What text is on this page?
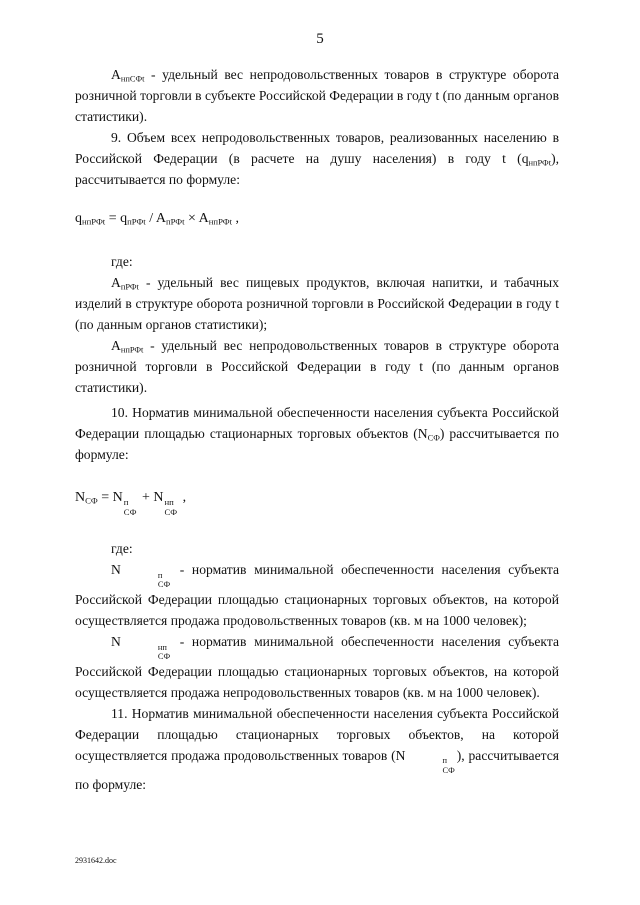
5

$A_{нпСФt}$ - удельный вес непродовольственных товаров в структуре оборота розничной торговли в субъекте Российской Федерации в году t (по данным органов статистики).

9. Объем всех непродовольственных товаров, реализованных населению в Российской Федерации (в расчете на душу населения) в году t $(q_{нпРФt})$, рассчитывается по формуле:

$q_{нпРФt} = q_{пРФt} / A_{пРФt} \times A_{нпРФt}$ ,

где:

$A_{пРФt}$ - удельный вес пищевых продуктов, включая напитки, и табачных изделий в структуре оборота розничной торговли в Российской Федерации в году t (по данным органов статистики);

$A_{нпРФt}$ - удельный вес непродовольственных товаров в структуре оборота розничной торговли в Российской Федерации в году t (по данным органов статистики).

10. Норматив минимальной обеспеченности населения субъекта Российской Федерации площадью стационарных торговых объектов $(N_{СФ})$ рассчитывается по формуле:

$N_{СФ} = N$ п
СФ
+ N нп
СФ
,

где:

N	п
СФ
- норматив минимальной обеспеченности населения субъекта Российской Федерации площадью стационарных торговых объектов, на которой осуществляется продажа продовольственных товаров (кв. м на 1000 человек);

N	нп
СФ
- норматив минимальной обеспеченности населения субъекта Российской Федерации площадью стационарных торговых объектов, на которой осуществляется продажа непродовольственных товаров (кв. м на 1000 человек).

11. Норматив минимальной обеспеченности населения субъекта Российской Федерации площадью стационарных торговых объектов, на которой осуществляется продажа продовольственных товаров (N	п
СФ
), рассчитывается по формуле:

2931642.doc
